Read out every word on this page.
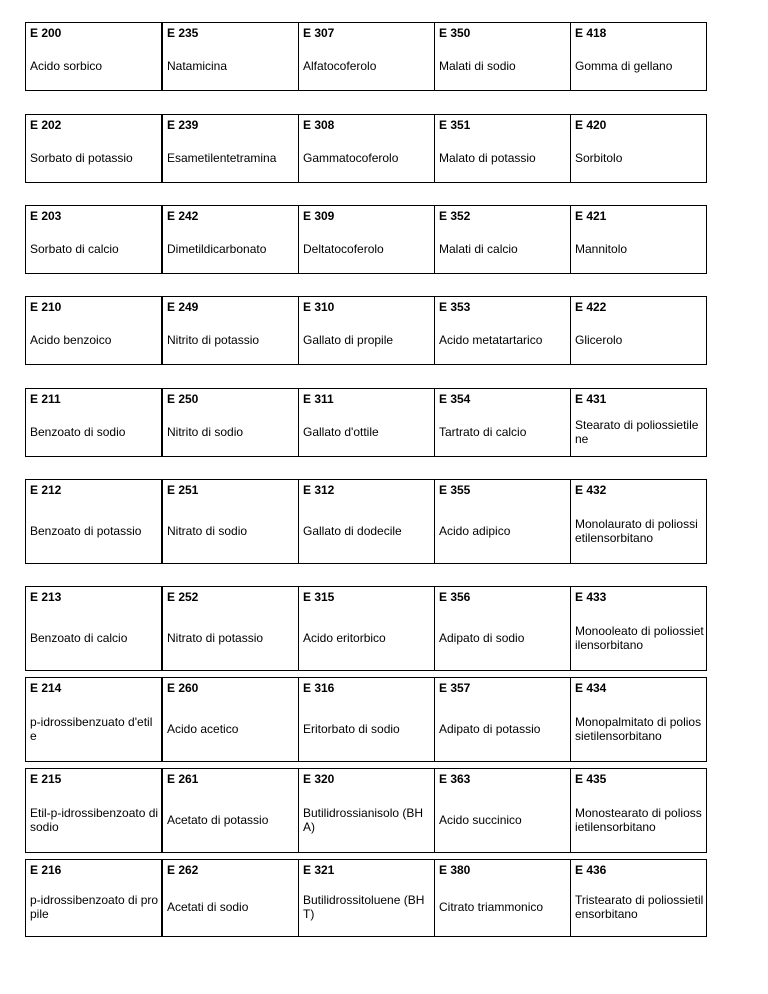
E 200
Acido sorbico
E 235
Natamicina
E 307
Alfatocoferolo
E 350
Malati di sodio
E 418
Gomma di gellano
E 202
Sorbato di potassio
E 239
Esametilentetramina
E 308
Gammatocoferolo
E 351
Malato di potassio
E 420
Sorbitolo
E 203
Sorbato di calcio
E 242
Dimetildicarbonato
E 309
Deltatocoferolo
E 352
Malati di calcio
E 421
Mannitolo
E 210
Acido benzoico
E 249
Nitrito di potassio
E 310
Gallato di propile
E 353
Acido metatartarico
E 422
Glicerolo
E 211
Benzoato di sodio
E 250
Nitrito di sodio
E 311
Gallato d'ottile
E 354
Tartrato di calcio
E 431
Stearato di poliossietilene
E 212
Benzoato di potassio
E 251
Nitrato di sodio
E 312
Gallato di dodecile
E 355
Acido adipico
E 432
Monolaurato di poliossietilensorbitano
E 213
Benzoato di calcio
E 252
Nitrato di potassio
E 315
Acido eritorbico
E 356
Adipato di sodio
E 433
Monooleato di poliossietilensorbitano
E 214
p-idrossibenzuato d'etile
E 260
Acido acetico
E 316
Eritorbato di sodio
E 357
Adipato di potassio
E 434
Monopalmitato di poliossietilensorbitano
E 215
Etil-p-idrossibenzoato di sodio
E 261
Acetato di potassio
E 320
Butilidrossianisolo (BHA)
E 363
Acido succinico
E 435
Monostearato di poliossietilensorbitano
E 216
p-idrossibenzoato di propile
E 262
Acetati di sodio
E 321
Butilidrossitoluene (BHT)
E 380
Citrato triammonico
E 436
Tristearato di poliossietilensorbitano
